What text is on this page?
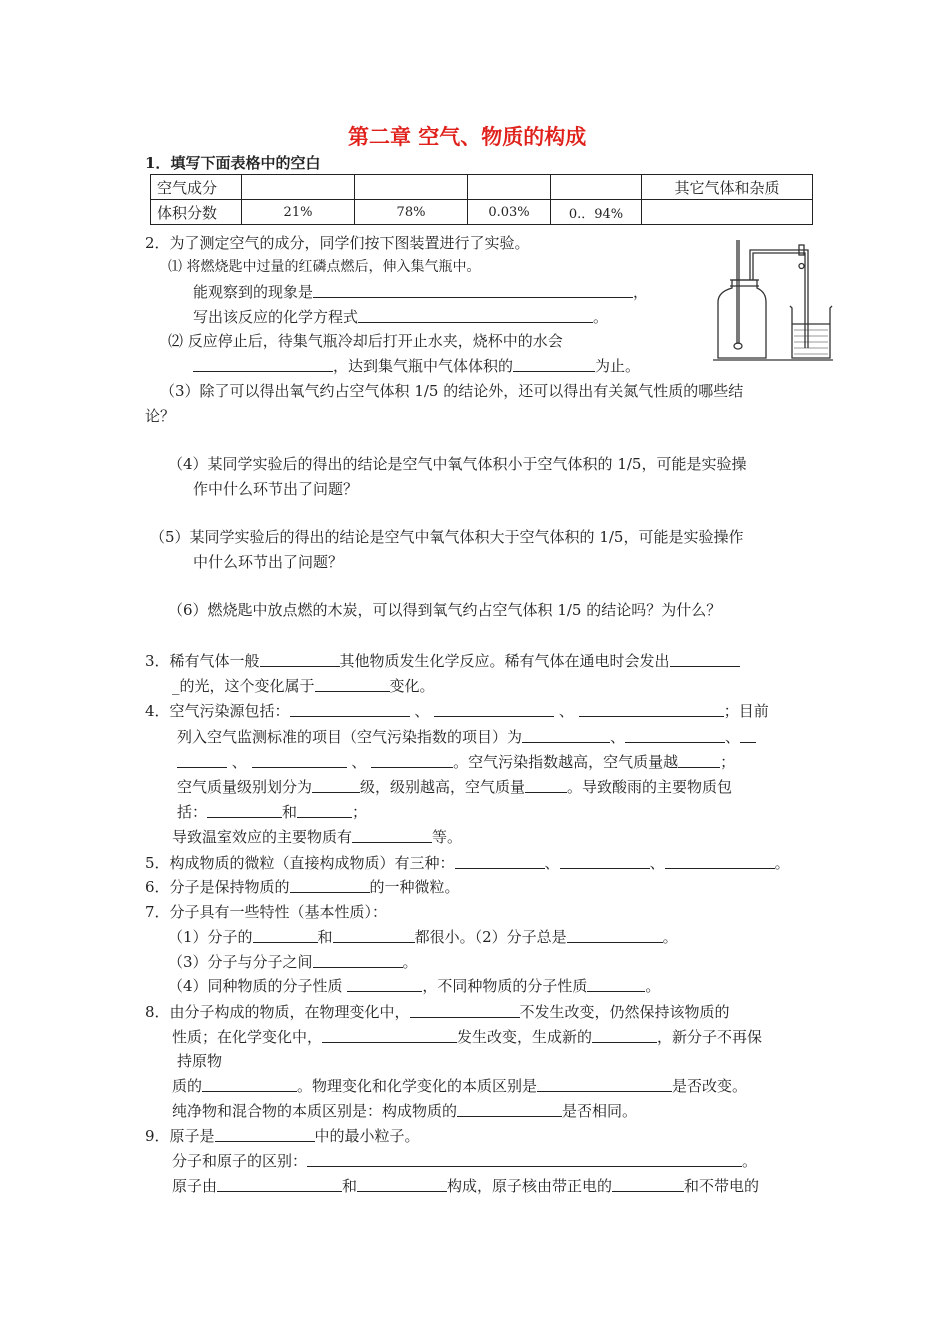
第二章 空气、物质的构成
1．填写下面表格中的空白
空气成分					其它气体和杂质
体积分数	21%	78%	0.03%	0.．94%	
2．为了测定空气的成分，同学们按下图装置进行了实验。
⑴ 将燃烧匙中过量的红磷点燃后，伸入集气瓶中。
能观察到的现象是	，
写出该反应的化学方程式	。
⑵ 反应停止后，待集气瓶冷却后打开止水夹，烧杯中的水会
，达到集气瓶中气体体积的	为止。
（3）除了可以得出氧气约占空气体积 1/5 的结论外，还可以得出有关氮气性质的哪些结
论？
（4）某同学实验后的得出的结论是空气中氧气体积小于空气体积的 1/5，可能是实验操
作中什么环节出了问题？
（5）某同学实验后的得出的结论是空气中氧气体积大于空气体积的 1/5，可能是实验操作
中什么环节出了问题？
（6）燃烧匙中放点燃的木炭，可以得到氧气约占空气体积 1/5 的结论吗？为什么？
3．稀有气体一般	其他物质发生化学反应。稀有气体在通电时会发出
_的光，这个变化属于	变化。
4．空气污染源包括：	、	、	；目前
列入空气监测标准的项目（空气污染指数的项目）为	、	、
、	、	。空气污染指数越高，空气质量越	；
空气质量级别划分为	级，级别越高，空气质量	。导致酸雨的主要物质包
括：	和	；
导致温室效应的主要物质有	等。
5．构成物质的微粒（直接构成物质）有三种：	、	、	。
6．分子是保持物质的	的一种微粒。
7．分子具有一些特性（基本性质）：
（1）分子的	和	都很小。（2）分子总是	。
（3）分子与分子之间	。
（4）同种物质的分子性质	，不同种物质的分子性质	。
8．由分子构成的物质，在物理变化中，	不发生改变，仍然保持该物质的
性质；在化学变化中，	发生改变，生成新的	，新分子不再保
持原物
质的	。物理变化和化学变化的本质区别是	是否改变。
纯净物和混合物的本质区别是：构成物质的	是否相同。
9．原子是	中的最小粒子。
分子和原子的区别：	。
原子由	和	构成，原子核由带正电的	和不带电的
